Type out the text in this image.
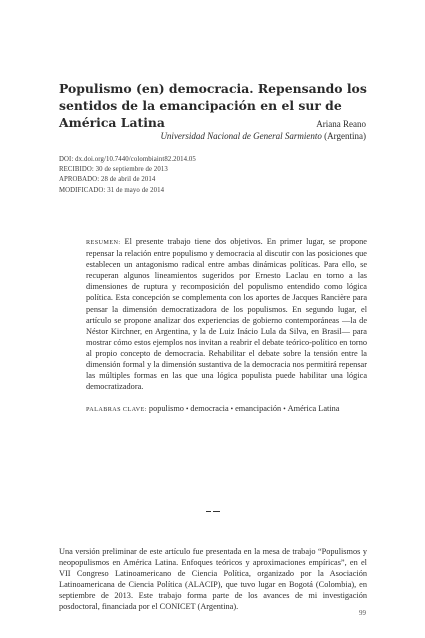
Populismo (en) democracia. Repensando los sentidos de la emancipación en el sur de América Latina	Ariana Reano
Universidad Nacional de General Sarmiento (Argentina)
DOI: dx.doi.org/10.7440/colombiaint82.2014.05
RECIBIDO: 30 de septiembre de 2013
APROBADO: 28 de abril de 2014
MODIFICADO: 31 de mayo de 2014

RESUMEN: El presente trabajo tiene dos objetivos. En primer lugar, se propone repensar la relación entre populismo y democracia al discutir con las posiciones que establecen un antagonismo radical entre ambas dinámicas políticas. Para ello, se recuperan algunos lineamientos sugeridos por Ernesto Laclau en torno a las dimensiones de ruptura y recomposición del populismo entendido como lógica política. Esta concepción se complementa con los aportes de Jacques Rancière para pensar la dimensión democratizadora de los populismos. En segundo lugar, el artículo se propone analizar dos experiencias de gobierno contemporáneas —la de Néstor Kirchner, en Argentina, y la de Luiz Inácio Lula da Silva, en Brasil— para mostrar cómo estos ejemplos nos invitan a reabrir el debate teórico-político en torno al propio concepto de democracia. Rehabilitar el debate sobre la tensión entre la dimensión formal y la dimensión sustantiva de la democracia nos permitirá repensar las múltiples formas en las que una lógica populista puede habilitar una lógica democratizadora.

PALABRAS CLAVE: populismo • democracia • emancipación • América Latina

Una versión preliminar de este artículo fue presentada en la mesa de trabajo “Populismos y neopopulismos en América Latina. Enfoques teóricos y aproximaciones empíricas”, en el VII Congreso Latinoamericano de Ciencia Política, organizado por la Asociación Latinoamericana de Ciencia Política (ALACIP), que tuvo lugar en Bogotá (Colombia), en septiembre de 2013. Este trabajo forma parte de los avances de mi investigación posdoctoral, financiada por el CONICET (Argentina).

99
